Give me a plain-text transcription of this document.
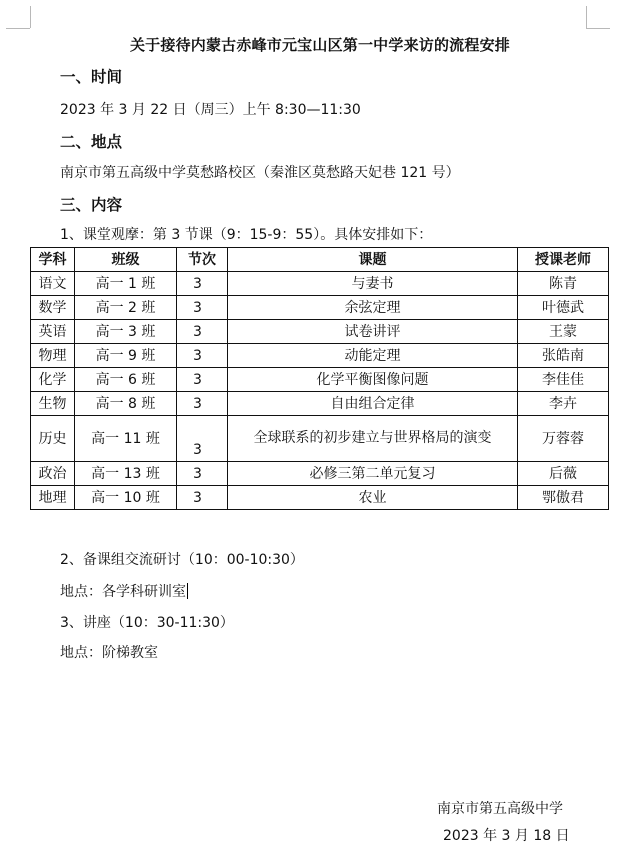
关于接待内蒙古赤峰市元宝山区第一中学来访的流程安排
一、时间
2023 年 3 月 22 日（周三）上午 8:30—11:30
二、地点
南京市第五高级中学莫愁路校区（秦淮区莫愁路天妃巷 121 号）
三、内容
1、课堂观摩：第 3 节课（9：15-9：55）。具体安排如下：
学科	班级	节次	课题	授课老师
语文	高一 1 班	3	与妻书	陈青
数学	高一 2 班	3	余弦定理	叶德武
英语	高一 3 班	3	试卷讲评	王蒙
物理	高一 9 班	3	动能定理	张皓南
化学	高一 6 班	3	化学平衡图像问题	李佳佳
生物	高一 8 班	3	自由组合定律	李卉
历史	高一 11 班	3	全球联系的初步建立与世界格局的演变	万蓉蓉
政治	高一 13 班	3	必修三第二单元复习	后薇
地理	高一 10 班	3	农业	鄂傲君
2、备课组交流研讨（10：00-10:30）
地点：各学科研训室
3、讲座（10：30-11:30）
地点：阶梯教室
南京市第五高级中学
2023 年 3 月 18 日
